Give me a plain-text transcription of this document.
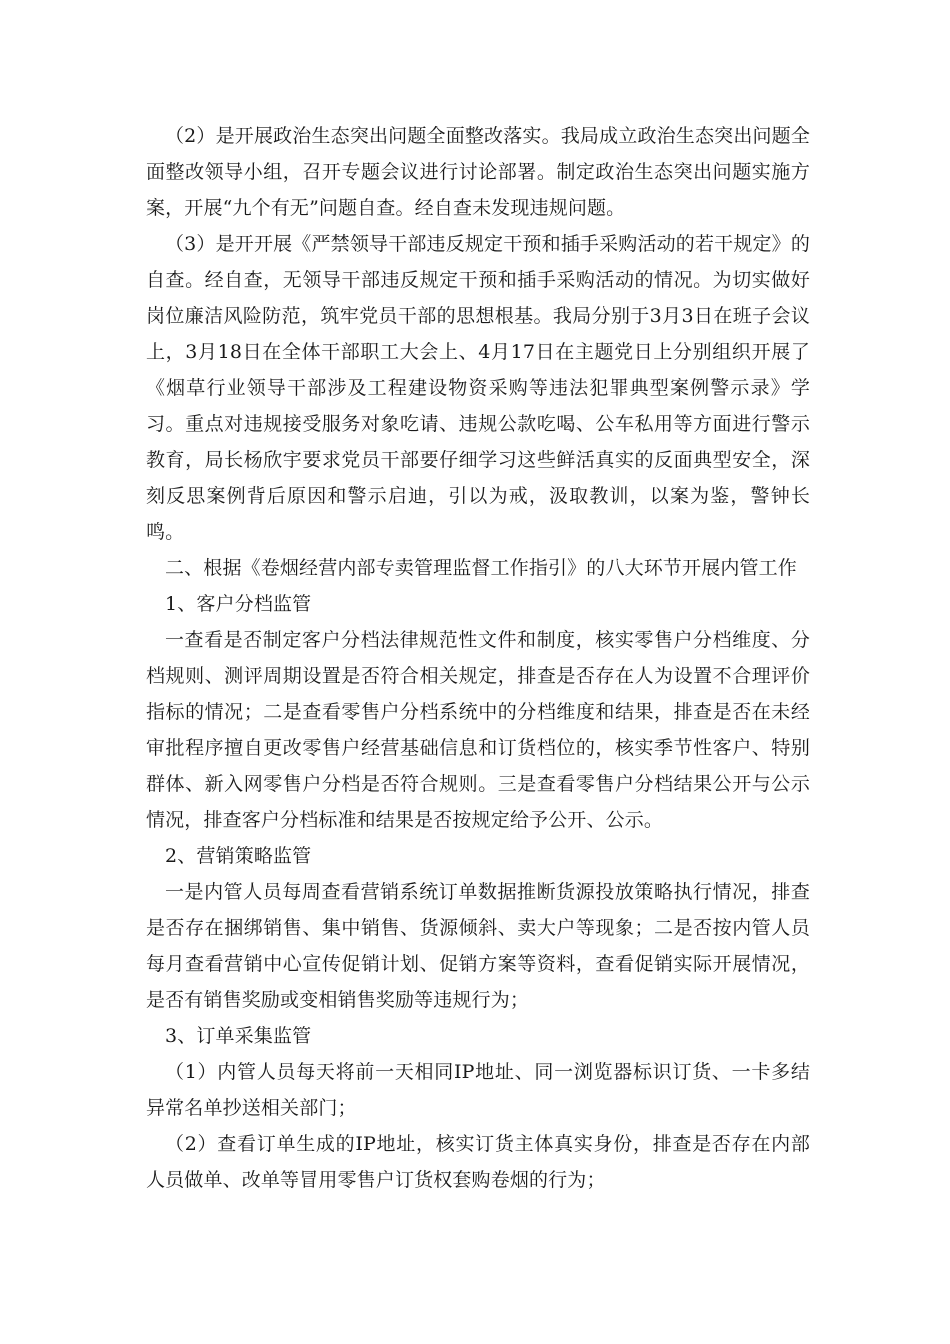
（2）是开展政治生态突出问题全面整改落实。我局成立政治生态突出问题全面整改领导小组，召开专题会议进行讨论部署。制定政治生态突出问题实施方案，开展“九个有无”问题自查。经自查未发现违规问题。

（3）是开开展《严禁领导干部违反规定干预和插手采购活动的若干规定》的自查。经自查，无领导干部违反规定干预和插手采购活动的情况。为切实做好岗位廉洁风险防范，筑牢党员干部的思想根基。我局分别于3月3日在班子会议上，3月18日在全体干部职工大会上、4月17日在主题党日上分别组织开展了《烟草行业领导干部涉及工程建设物资采购等违法犯罪典型案例警示录》学习。重点对违规接受服务对象吃请、违规公款吃喝、公车私用等方面进行警示教育，局长杨欣宇要求党员干部要仔细学习这些鲜活真实的反面典型安全，深刻反思案例背后原因和警示启迪，引以为戒，汲取教训，以案为鉴，警钟长鸣。

二、根据《卷烟经营内部专卖管理监督工作指引》的八大环节开展内管工作

1、客户分档监管

一查看是否制定客户分档法律规范性文件和制度，核实零售户分档维度、分档规则、测评周期设置是否符合相关规定，排查是否存在人为设置不合理评价指标的情况；二是查看零售户分档系统中的分档维度和结果，排查是否在未经审批程序擅自更改零售户经营基础信息和订货档位的，核实季节性客户、特别群体、新入网零售户分档是否符合规则。三是查看零售户分档结果公开与公示情况，排查客户分档标准和结果是否按规定给予公开、公示。

2、营销策略监管

一是内管人员每周查看营销系统订单数据推断货源投放策略执行情况，排查是否存在捆绑销售、集中销售、货源倾斜、卖大户等现象；二是否按内管人员每月查看营销中心宣传促销计划、促销方案等资料，查看促销实际开展情况，是否有销售奖励或变相销售奖励等违规行为；

3、订单采集监管

（1）内管人员每天将前一天相同IP地址、同一浏览器标识订货、一卡多结异常名单抄送相关部门；

（2）查看订单生成的IP地址，核实订货主体真实身份，排查是否存在内部人员做单、改单等冒用零售户订货权套购卷烟的行为；
